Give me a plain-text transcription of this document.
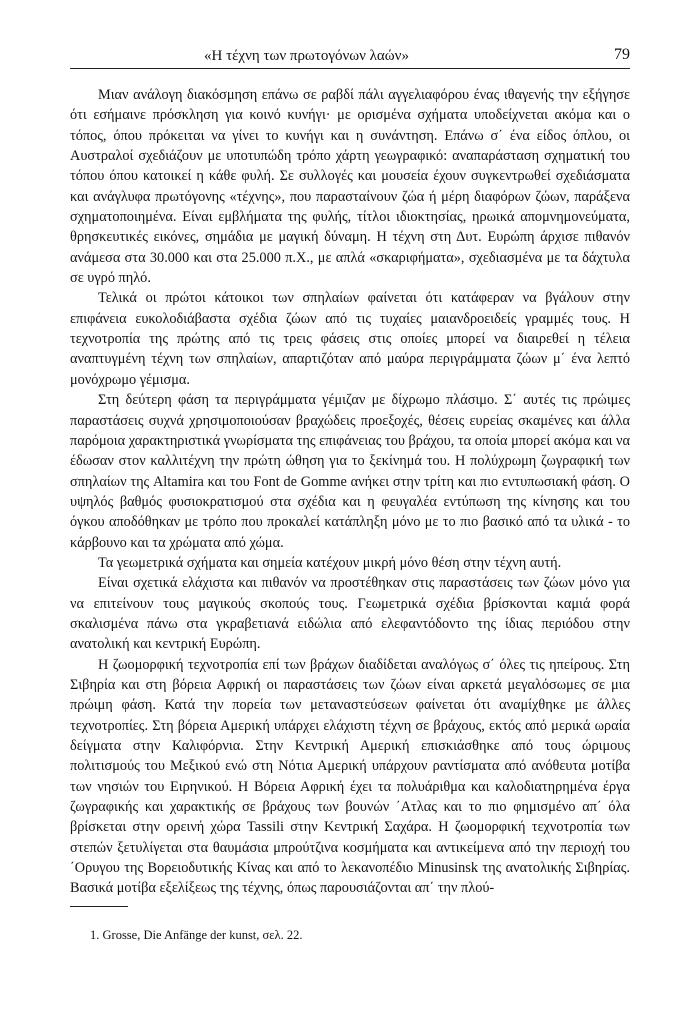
«Η τέχνη των πρωτογόνων λαών»	79

Μιαν ανάλογη διακόσμηση επάνω σε ραβδί πάλι αγγελιαφόρου ένας ιθαγενής την εξήγησε ότι εσήμαινε πρόσκληση για κοινό κυνήγι· με ορισμένα σχήματα υποδείχνεται ακόμα και ο τόπος, όπου πρόκειται να γίνει το κυνήγι και η συνάντηση. Επάνω σ΄ ένα είδος όπλου, οι Αυστραλοί σχεδιάζουν με υποτυπώδη τρόπο χάρτη γεωγραφικό: αναπαράσταση σχηματική του τόπου όπου κατοικεί η κάθε φυλή. Σε συλλογές και μουσεία έχουν συγκεντρωθεί σχεδιάσματα και ανάγλυφα πρωτόγονης «τέχνης», που παρασταίνουν ζώα ή μέρη διαφόρων ζώων, παράξενα σχηματοποιημένα. Είναι εμβλήματα της φυλής, τίτλοι ιδιοκτησίας, ηρωικά απομνημονεύματα, θρησκευτικές εικόνες, σημάδια με μαγική δύναμη. Η τέχνη στη Δυτ. Ευρώπη άρχισε πιθανόν ανάμεσα στα 30.000 και στα 25.000 π.Χ., με απλά «σκαριφήματα», σχεδιασμένα με τα δάχτυλα σε υγρό πηλό.

Τελικά οι πρώτοι κάτοικοι των σπηλαίων φαίνεται ότι κατάφεραν να βγάλουν στην επιφάνεια ευκολοδιάβαστα σχέδια ζώων από τις τυχαίες μαιανδροειδείς γραμμές τους. Η τεχνοτροπία της πρώτης από τις τρεις φάσεις στις οποίες μπορεί να διαιρεθεί η τέλεια αναπτυγμένη τέχνη των σπηλαίων, απαρτιζόταν από μαύρα περιγράμματα ζώων μ΄ ένα λεπτό μονόχρωμο γέμισμα.

Στη δεύτερη φάση τα περιγράμματα γέμιζαν με δίχρωμο πλάσιμο. Σ΄ αυτές τις πρώιμες παραστάσεις συχνά χρησιμοποιούσαν βραχώδεις προεξοχές, θέσεις ευρείας σκαμένες και άλλα παρόμοια χαρακτηριστικά γνωρίσματα της επιφάνειας του βράχου, τα οποία μπορεί ακόμα και να έδωσαν στον καλλιτέχνη την πρώτη ώθηση για το ξεκίνημά του. Η πολύχρωμη ζωγραφική των σπηλαίων της Altamira και του Font de Gomme ανήκει στην τρίτη και πιο εντυπωσιακή φάση. Ο υψηλός βαθμός φυσιοκρατισμού στα σχέδια και η φευγαλέα εντύπωση της κίνησης και του όγκου αποδόθηκαν με τρόπο που προκαλεί κατάπληξη μόνο με το πιο βασικό από τα υλικά - το κάρβουνο και τα χρώματα από χώμα.

Τα γεωμετρικά σχήματα και σημεία κατέχουν μικρή μόνο θέση στην τέχνη αυτή.

Είναι σχετικά ελάχιστα και πιθανόν να προστέθηκαν στις παραστάσεις των ζώων μόνο για να επιτείνουν τους μαγικούς σκοπούς τους. Γεωμετρικά σχέδια βρίσκονται καμιά φορά σκαλισμένα πάνω στα γκραβετιανά ειδώλια από ελεφαντόδοντο της ίδιας περιόδου στην ανατολική και κεντρική Ευρώπη.

Η ζωομορφική τεχνοτροπία επί των βράχων διαδίδεται αναλόγως σ΄ όλες τις ηπείρους. Στη Σιβηρία και στη βόρεια Αφρική οι παραστάσεις των ζώων είναι αρκετά μεγαλόσωμες σε μια πρώιμη φάση. Κατά την πορεία των μεταναστεύσεων φαίνεται ότι αναμίχθηκε με άλλες τεχνοτροπίες. Στη βόρεια Αμερική υπάρχει ελάχιστη τέχνη σε βράχους, εκτός από μερικά ωραία δείγματα στην Καλιφόρνια. Στην Κεντρική Αμερική επισκιάσθηκε από τους ώριμους πολιτισμούς του Μεξικού ενώ στη Νότια Αμερική υπάρχουν ραντίσματα από ανόθευτα μοτίβα των νησιών του Ειρηνικού. Η Βόρεια Αφρική έχει τα πολυάριθμα και καλοδιατηρημένα έργα ζωγραφικής και χαρακτικής σε βράχους των βουνών ΄Ατλας και το πιο φημισμένο απ΄ όλα βρίσκεται στην ορεινή χώρα Tassili στην Κεντρική Σαχάρα. Η ζωομορφική τεχνοτροπία των στεπών ξετυλίγεται στα θαυμάσια μπρούτζινα κοσμήματα και αντικείμενα από την περιοχή του ΄Ορυγου της Βορειοδυτικής Κίνας και από το λεκανοπέδιο Minusinsk της ανατολικής Σιβηρίας. Βασικά μοτίβα εξελίξεως της τέχνης, όπως παρουσιάζονται απ΄ την πλού-

1. Grosse, Die Anfänge der kunst, σελ. 22.
